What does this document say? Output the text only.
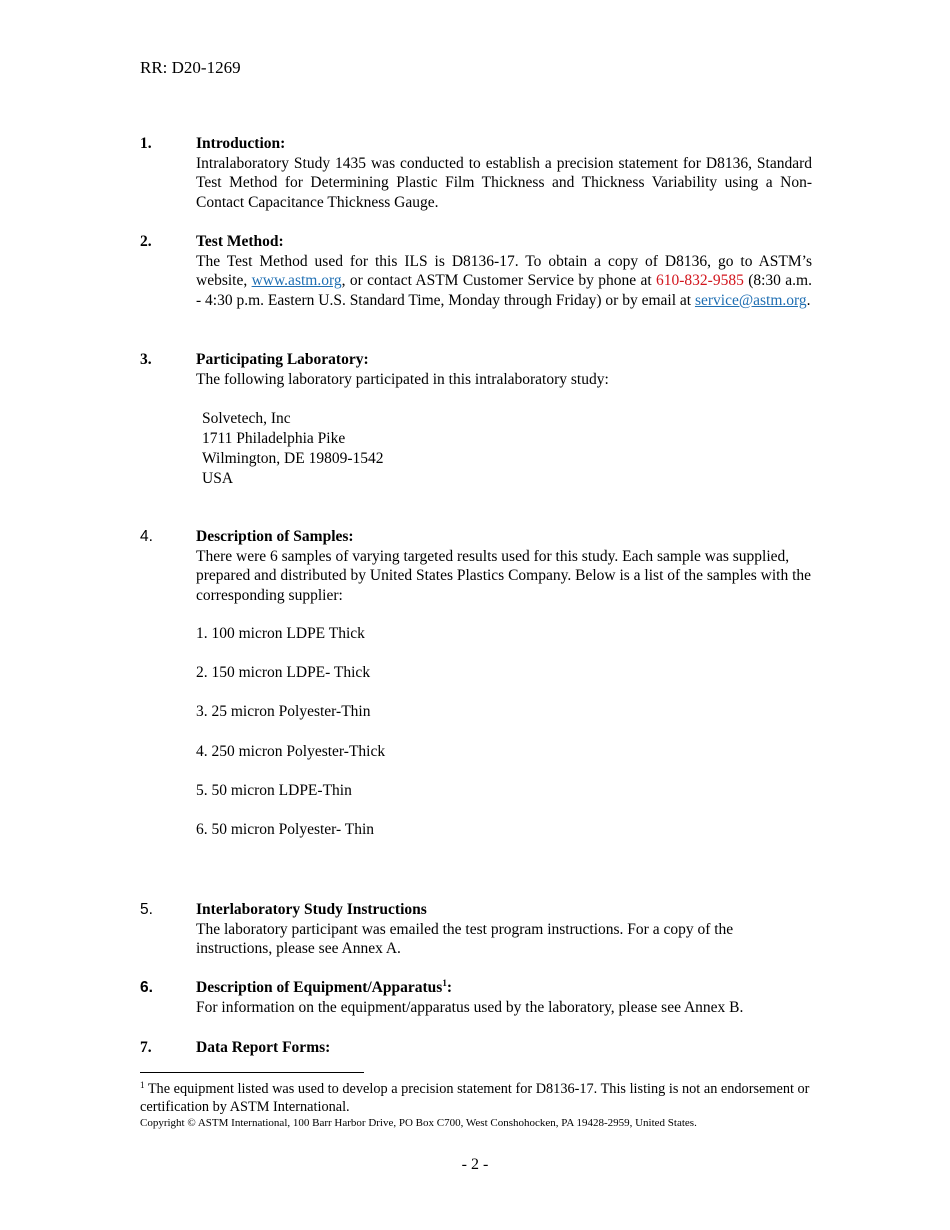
RR: D20-1269
1.	Introduction:
Intralaboratory Study 1435 was conducted to establish a precision statement for D8136, Standard Test Method for Determining Plastic Film Thickness and Thickness Variability using a Non-Contact Capacitance Thickness Gauge.
2.	Test Method:
The Test Method used for this ILS is D8136-17. To obtain a copy of D8136, go to ASTM’s website, www.astm.org, or contact ASTM Customer Service by phone at 610-832-9585 (8:30 a.m. - 4:30 p.m. Eastern U.S. Standard Time, Monday through Friday) or by email at service@astm.org.
3.	Participating Laboratory:
The following laboratory participated in this intralaboratory study:
Solvetech, Inc
1711 Philadelphia Pike
Wilmington, DE 19809-1542
USA
4.	Description of Samples:
There were 6 samples of varying targeted results used for this study. Each sample was supplied, prepared and distributed by United States Plastics Company. Below is a list of the samples with the corresponding supplier:
1. 100 micron LDPE Thick
2. 150 micron LDPE- Thick
3. 25 micron Polyester-Thin
4. 250 micron Polyester-Thick
5. 50 micron LDPE-Thin
6. 50 micron Polyester- Thin
5.	Interlaboratory Study Instructions
The laboratory participant was emailed the test program instructions. For a copy of the instructions, please see Annex A.
6.	Description of Equipment/Apparatus$^1$:
For information on the equipment/apparatus used by the laboratory, please see Annex B.
7.	Data Report Forms:
$^1$ The equipment listed was used to develop a precision statement for D8136-17. This listing is not an endorsement or certification by ASTM International.
Copyright © ASTM International, 100 Barr Harbor Drive, PO Box C700, West Conshohocken, PA 19428-2959, United States.
- 2 -
